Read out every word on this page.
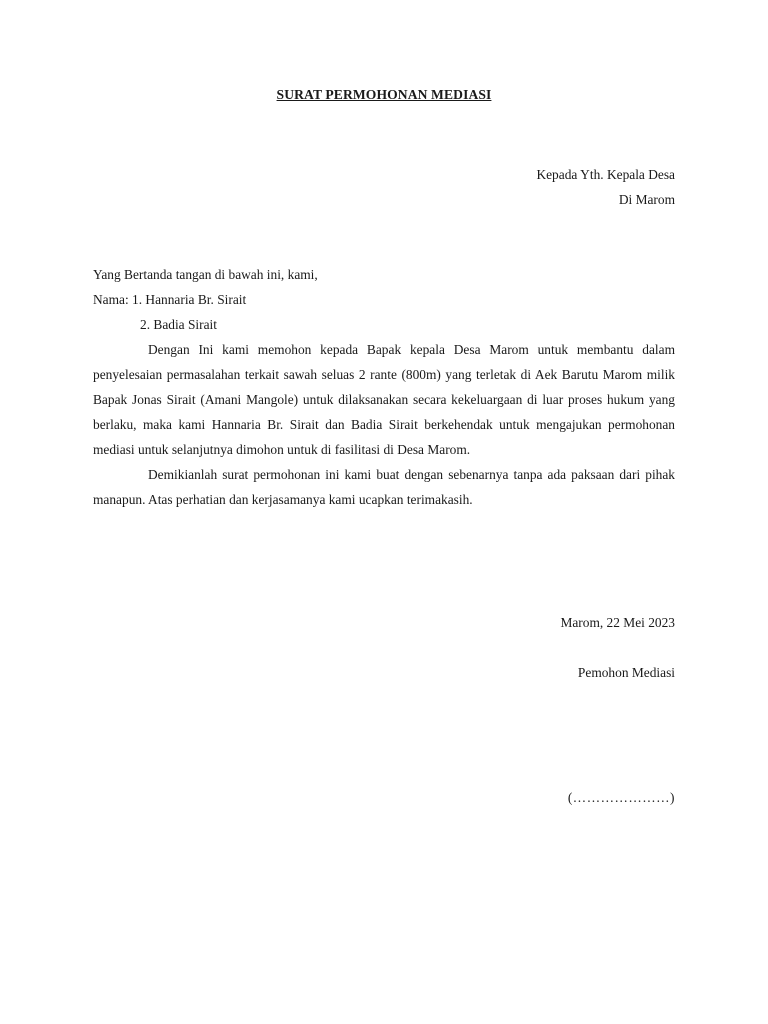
SURAT PERMOHONAN MEDIASI
Kepada Yth. Kepala Desa
Di Marom

Yang Bertanda tangan di bawah ini, kami,

Nama: 1. Hannaria Br. Sirait

2. Badia Sirait

Dengan Ini kami memohon kepada Bapak kepala Desa Marom untuk membantu dalam penyelesaian permasalahan terkait sawah seluas 2 rante (800m) yang terletak di Aek Barutu Marom milik Bapak Jonas Sirait (Amani Mangole) untuk dilaksanakan secara kekeluargaan di luar proses hukum yang berlaku, maka kami Hannaria Br. Sirait dan Badia Sirait berkehendak untuk mengajukan permohonan mediasi untuk selanjutnya dimohon untuk di fasilitasi di Desa Marom.

Demikianlah surat permohonan ini kami buat dengan sebenarnya tanpa ada paksaan dari pihak manapun. Atas perhatian dan kerjasamanya kami ucapkan terimakasih.

Marom, 22 Mei 2023
Pemohon Mediasi
(…………………)
